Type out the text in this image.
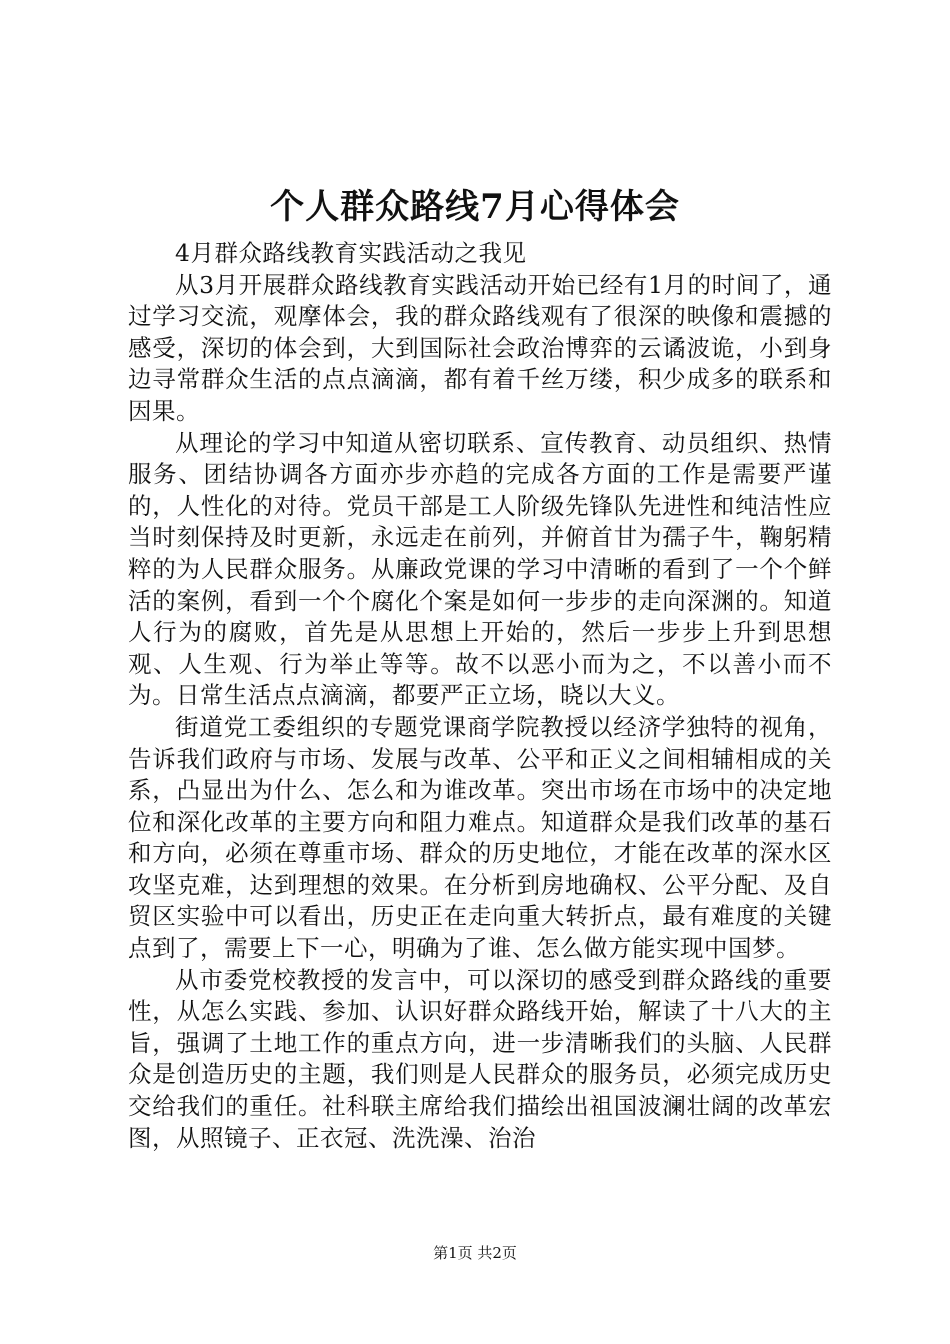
个人群众路线7月心得体会

4月群众路线教育实践活动之我见

从3月开展群众路线教育实践活动开始已经有1月的时间了，通过学习交流，观摩体会，我的群众路线观有了很深的映像和震撼的感受，深切的体会到，大到国际社会政治博弈的云谲波诡，小到身边寻常群众生活的点点滴滴，都有着千丝万缕，积少成多的联系和因果。

从理论的学习中知道从密切联系、宣传教育、动员组织、热情服务、团结协调各方面亦步亦趋的完成各方面的工作是需要严谨的，人性化的对待。党员干部是工人阶级先锋队先进性和纯洁性应当时刻保持及时更新，永远走在前列，并俯首甘为孺子牛，鞠躬精粹的为人民群众服务。从廉政党课的学习中清晰的看到了一个个鲜活的案例，看到一个个腐化个案是如何一步步的走向深渊的。知道人行为的腐败，首先是从思想上开始的，然后一步步上升到思想观、人生观、行为举止等等。故不以恶小而为之，不以善小而不为。日常生活点点滴滴，都要严正立场，晓以大义。

街道党工委组织的专题党课商学院教授以经济学独特的视角，告诉我们政府与市场、发展与改革、公平和正义之间相辅相成的关系，凸显出为什么、怎么和为谁改革。突出市场在市场中的决定地位和深化改革的主要方向和阻力难点。知道群众是我们改革的基石和方向，必须在尊重市场、群众的历史地位，才能在改革的深水区攻坚克难，达到理想的效果。在分析到房地确权、公平分配、及自贸区实验中可以看出，历史正在走向重大转折点，最有难度的关键点到了，需要上下一心，明确为了谁、怎么做方能实现中国梦。

从市委党校教授的发言中，可以深切的感受到群众路线的重要性，从怎么实践、参加、认识好群众路线开始，解读了十八大的主旨，强调了土地工作的重点方向，进一步清晰我们的头脑、人民群众是创造历史的主题，我们则是人民群众的服务员，必须完成历史交给我们的重任。社科联主席给我们描绘出祖国波澜壮阔的改革宏图，从照镜子、正衣冠、洗洗澡、治治

第1页 共2页
